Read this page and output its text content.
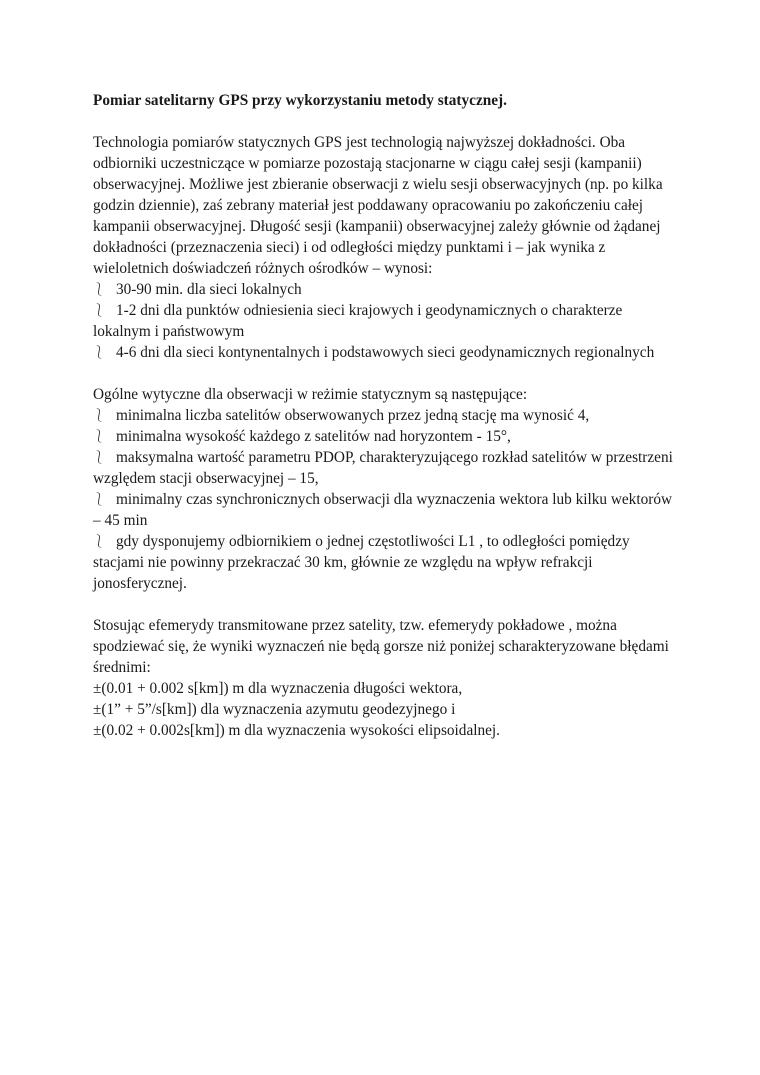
Pomiar satelitarny GPS przy wykorzystaniu metody statycznej.

Technologia pomiarów statycznych GPS jest technologią najwyższej dokładności. Oba odbiorniki uczestniczące w pomiarze pozostają stacjonarne w ciągu całej sesji (kampanii) obserwacyjnej. Możliwe jest zbieranie obserwacji z wielu sesji obserwacyjnych (np. po kilka godzin dziennie), zaś zebrany materiał jest poddawany opracowaniu po zakończeniu całej kampanii obserwacyjnej. Długość sesji (kampanii) obserwacyjnej zależy głównie od żądanej dokładności (przeznaczenia sieci) i od odległości między punktami i – jak wynika z wieloletnich doświadczeń różnych ośrodków – wynosi:

⎱ 30-90 min. dla sieci lokalnych
⎱ 1-2 dni dla punktów odniesienia sieci krajowych i geodynamicznych o charakterze lokalnym i państwowym
⎱ 4-6 dni dla sieci kontynentalnych i podstawowych sieci geodynamicznych regionalnych

Ogólne wytyczne dla obserwacji w reżimie statycznym są następujące:

⎱ minimalna liczba satelitów obserwowanych przez jedną stację ma wynosić 4,
⎱ minimalna wysokość każdego z satelitów nad horyzontem - 15°,
⎱ maksymalna wartość parametru PDOP, charakteryzującego rozkład satelitów w przestrzeni względem stacji obserwacyjnej – 15,
⎱ minimalny czas synchronicznych obserwacji dla wyznaczenia wektora lub kilku wektorów – 45 min
⎱ gdy dysponujemy odbiornikiem o jednej częstotliwości L1 , to odległości pomiędzy stacjami nie powinny przekraczać 30 km, głównie ze względu na wpływ refrakcji jonosferycznej.

Stosując efemerydy transmitowane przez satelity, tzw. efemerydy pokładowe , można spodziewać się, że wyniki wyznaczeń nie będą gorsze niż poniżej scharakteryzowane błędami średnimi:

±(0.01 + 0.002 s[km]) m dla wyznaczenia długości wektora,

±(1” + 5”/s[km]) dla wyznaczenia azymutu geodezyjnego i

±(0.02 + 0.002s[km]) m dla wyznaczenia wysokości elipsoidalnej.
